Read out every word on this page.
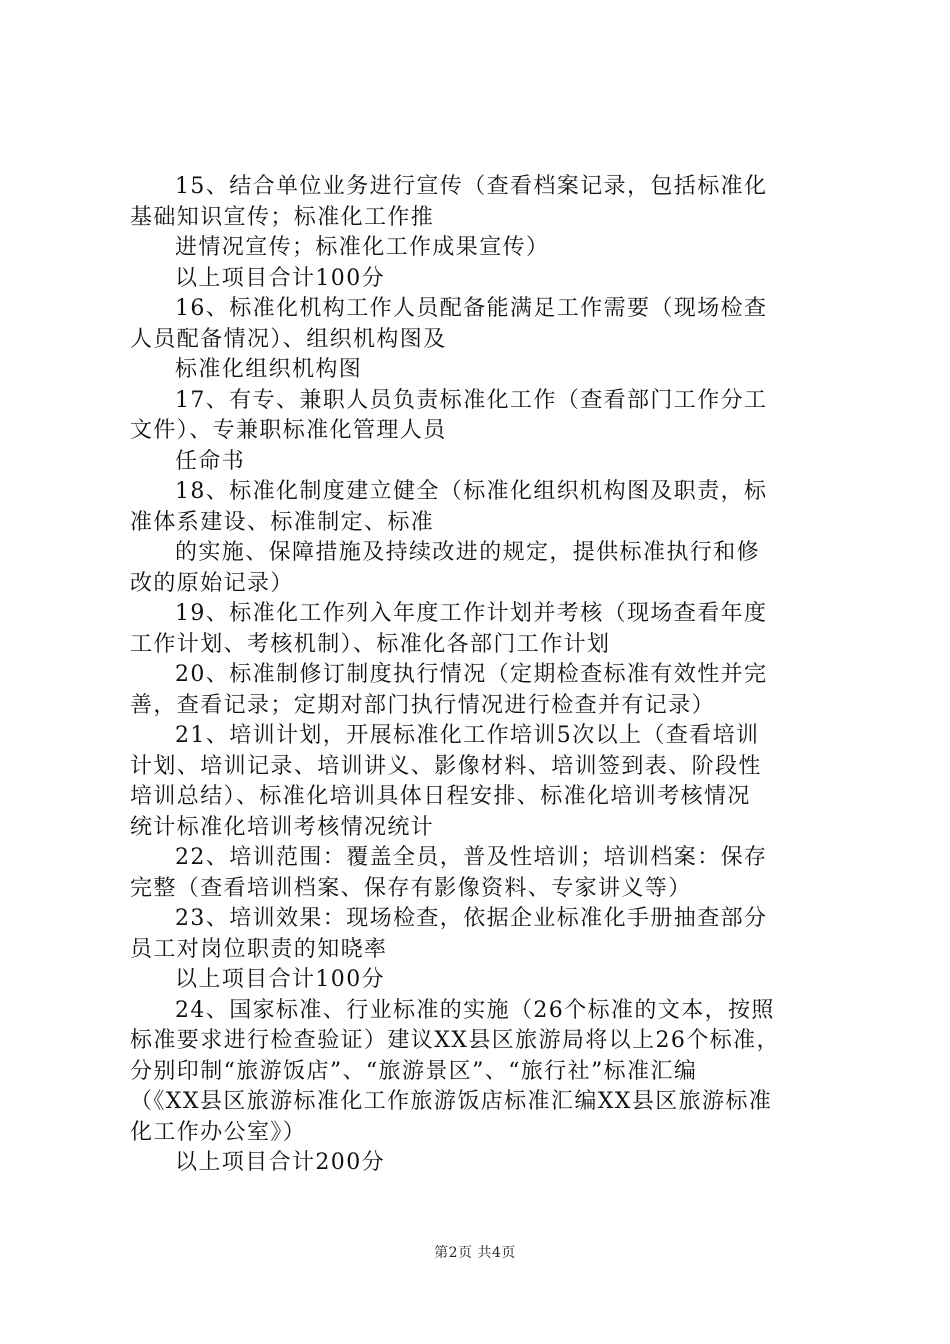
15、结合单位业务进行宣传（查看档案记录，包括标准化
基础知识宣传；标准化工作推
进情况宣传；标准化工作成果宣传）
以上项目合计100分
16、标准化机构工作人员配备能满足工作需要（现场检查
人员配备情况）、组织机构图及
标准化组织机构图
17、有专、兼职人员负责标准化工作（查看部门工作分工
文件）、专兼职标准化管理人员
任命书
18、标准化制度建立健全（标准化组织机构图及职责，标
准体系建设、标准制定、标准
的实施、保障措施及持续改进的规定，提供标准执行和修
改的原始记录）
19、标准化工作列入年度工作计划并考核（现场查看年度
工作计划、考核机制）、标准化各部门工作计划
20、标准制修订制度执行情况（定期检查标准有效性并完
善，查看记录；定期对部门执行情况进行检查并有记录）
21、培训计划，开展标准化工作培训5次以上（查看培训
计划、培训记录、培训讲义、影像材料、培训签到表、阶段性
培训总结）、标准化培训具体日程安排、标准化培训考核情况
统计标准化培训考核情况统计
22、培训范围：覆盖全员，普及性培训；培训档案：保存
完整（查看培训档案、保存有影像资料、专家讲义等）
23、培训效果：现场检查，依据企业标准化手册抽查部分
员工对岗位职责的知晓率
以上项目合计100分
24、国家标准、行业标准的实施（26个标准的文本，按照
标准要求进行检查验证）建议XX县区旅游局将以上26个标准，
分别印制“旅游饭店”、“旅游景区”、“旅行社”标准汇编
（《XX县区旅游标准化工作旅游饭店标准汇编XX县区旅游标准
化工作办公室》）
以上项目合计200分
第2页 共4页
